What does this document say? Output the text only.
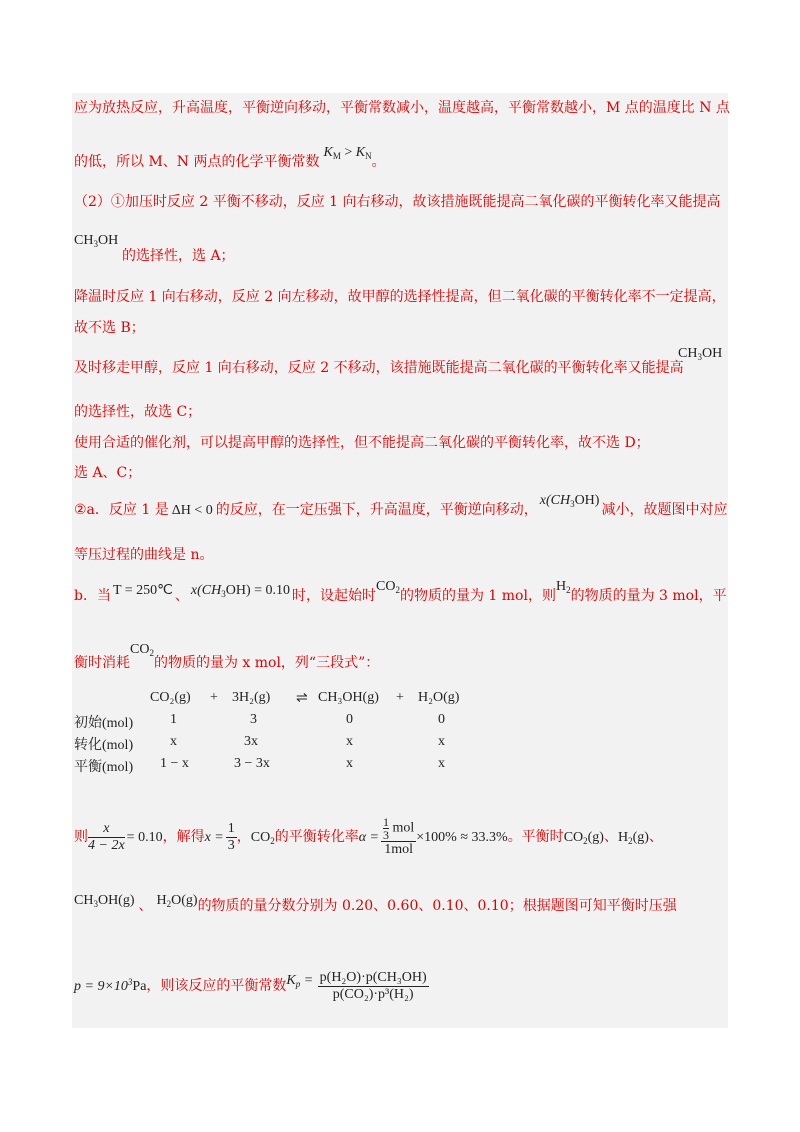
应为放热反应，升高温度，平衡逆向移动，平衡常数减小，温度越高，平衡常数越小，M 点的温度比 N 点
的低，所以 M、N 两点的化学平衡常数$K_M > K_N$。
（2）①加压时反应 2 平衡不移动，反应 1 向右移动，故该措施既能提高二氧化碳的平衡转化率又能提高
$CH_3OH$
的选择性，选 A；
降温时反应 1 向右移动，反应 2 向左移动，故甲醇的选择性提高，但二氧化碳的平衡转化率不一定提高，
故不选 B；
及时移走甲醇，反应 1 向右移动，反应 2 不移动，该措施既能提高二氧化碳的平衡转化率又能提高
$CH_3OH$
的选择性，故选 C；
使用合适的催化剂，可以提高甲醇的选择性，但不能提高二氧化碳的平衡转化率，故不选 D；
选 A、C；
②a．反应 1 是 ΔH < 0 的反应，在一定压强下，升高温度，平衡逆向移动，$x(CH_3OH)$减小，故题图中对应
等压过程的曲线是 n。
b．当 T = 250℃ 、 $x(CH_3OH) = 0.10$ 时，设起始时$CO_2$的物质的量为 1 mol，则$H_2$的物质的量为 3 mol，平
衡时消耗$CO_2$的物质的量为 x mol，列“三段式”：
CO₂(g) + 3H₂(g) ⇌ CH₃OH(g) + H₂O(g)
初始(mol)	1	3	0	0
转化(mol)	x	3x	x	x
平衡(mol) 1 − x	3 − 3x	x	x
则 $\frac{x}{4 - 2x} = 0.10$，解得$x = \frac{1}{3}$ ，$CO_2$的平衡转化率$\alpha = \frac{\frac{1}{3} mol}{\text{1mol}} \times 100\% \approx 33.3\%$。平衡时$CO_2(g)$、$H_2(g)$、
$CH_3OH(g)$ 、 $H_2O(g)$的物质的量分数分别为 0.20、0.60、0.10、0.10；根据题图可知平衡时压强
$p = 9\times 10^3Pa$，则该反应的平衡常数$K_p = \frac{\text{p(H₂O)·p(CH₃OH)}}{\text{p(CO₂)·p³(H₂)}}$
